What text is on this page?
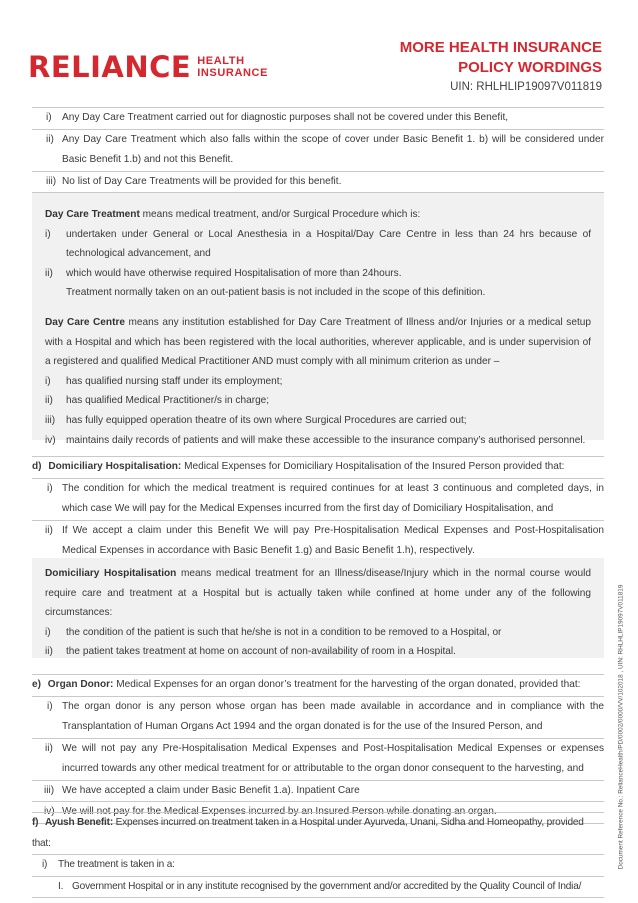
RELIANCE HEALTH
INSURANCE
MORE HEALTH INSURANCE
POLICY WORDINGS
UIN: RHLHLIP19097V011819
i) Any Day Care Treatment carried out for diagnostic purposes shall not be covered under this Benefit,
ii) Any Day Care Treatment which also falls within the scope of cover under Basic Benefit 1. b) will be considered under Basic Benefit 1.b) and not this Benefit.
iii) No list of Day Care Treatments will be provided for this benefit.
Day Care Treatment means medical treatment, and/or Surgical Procedure which is:
i) undertaken under General or Local Anesthesia in a Hospital/Day Care Centre in less than 24 hrs because of technological advancement, and
ii) which would have otherwise required Hospitalisation of more than 24hours.
Treatment normally taken on an out-patient basis is not included in the scope of this definition.
Day Care Centre means any institution established for Day Care Treatment of Illness and/or Injuries or a medical setup with a Hospital and which has been registered with the local authorities, wherever applicable, and is under supervision of a registered and qualified Medical Practitioner AND must comply with all minimum criterion as under –
i) has qualified nursing staff under its employment;
ii) has qualified Medical Practitioner/s in charge;
iii) has fully equipped operation theatre of its own where Surgical Procedures are carried out;
iv) maintains daily records of patients and will make these accessible to the insurance company’s authorised personnel.
d) Domiciliary Hospitalisation: Medical Expenses for Domiciliary Hospitalisation of the Insured Person provided that:
i) The condition for which the medical treatment is required continues for at least 3 continuous and completed days, in which case We will pay for the Medical Expenses incurred from the first day of Domiciliary Hospitalisation, and
ii) If We accept a claim under this Benefit We will pay Pre-Hospitalisation Medical Expenses and Post-Hospitalisation Medical Expenses in accordance with Basic Benefit 1.g) and Basic Benefit 1.h), respectively.
Domiciliary Hospitalisation means medical treatment for an Illness/disease/Injury which in the normal course would require care and treatment at a Hospital but is actually taken while confined at home under any of the following circumstances:
i) the condition of the patient is such that he/she is not in a condition to be removed to a Hospital, or
ii) the patient takes treatment at home on account of non-availability of room in a Hospital.
e) Organ Donor: Medical Expenses for an organ donor’s treatment for the harvesting of the organ donated, provided that:
i) The organ donor is any person whose organ has been made available in accordance and in compliance with the Transplantation of Human Organs Act 1994 and the organ donated is for the use of the Insured Person, and
ii) We will not pay any Pre-Hospitalisation Medical Expenses and Post-Hospitalisation Medical Expenses or expenses incurred towards any other medical treatment for or attributable to the organ donor consequent to the harvesting, and
iii) We have accepted a claim under Basic Benefit 1.a). Inpatient Care
iv) We will not pay for the Medical Expenses incurred by an Insured Person while donating an organ.
f) Ayush Benefit: Expenses incurred on treatment taken in a Hospital under Ayurveda, Unani, Sidha and Homeopathy, provided that:
i) The treatment is taken in a:
I. Government Hospital or in any institute recognised by the government and/or accredited by the Quality Council of India/
Document Reference No.: RelianceHealth/PD/0002/0000/VV/102018 , UIN: RHLHLIP19097V011819
